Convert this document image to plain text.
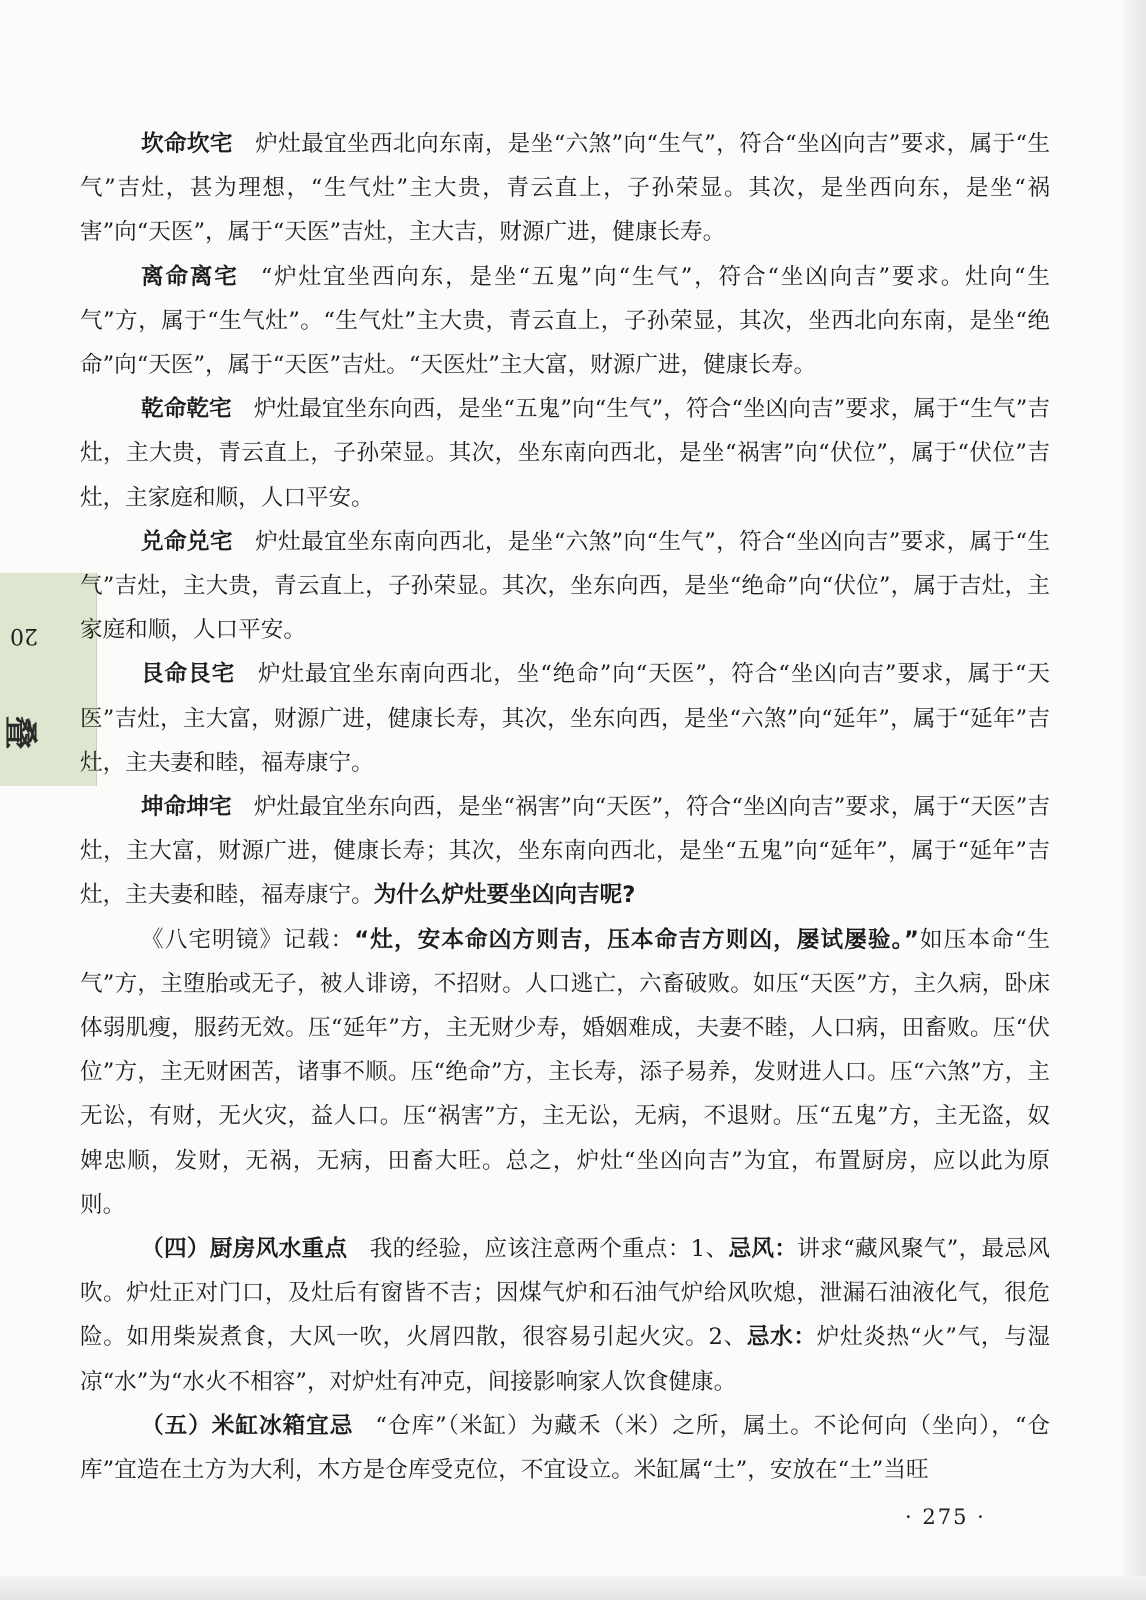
20
叠

坎命坎宅 炉灶最宜坐西北向东南，是坐“六煞”向“生气”，符合“坐凶向吉”要求，属于“生气”吉灶，甚为理想，“生气灶”主大贵，青云直上，子孙荣显。其次，是坐西向东，是坐“祸害”向“天医”，属于“天医”吉灶，主大吉，财源广进，健康长寿。

离命离宅 “炉灶宜坐西向东，是坐“五鬼”向“生气”，符合“坐凶向吉”要求。灶向“生气”方，属于“生气灶”。“生气灶”主大贵，青云直上，子孙荣显，其次，坐西北向东南，是坐“绝命”向“天医”，属于“天医”吉灶。“天医灶”主大富，财源广进，健康长寿。

乾命乾宅 炉灶最宜坐东向西，是坐“五鬼”向“生气”，符合“坐凶向吉”要求，属于“生气”吉灶，主大贵，青云直上，子孙荣显。其次，坐东南向西北，是坐“祸害”向“伏位”，属于“伏位”吉灶，主家庭和顺，人口平安。

兑命兑宅 炉灶最宜坐东南向西北，是坐“六煞”向“生气”，符合“坐凶向吉”要求，属于“生气”吉灶，主大贵，青云直上，子孙荣显。其次，坐东向西，是坐“绝命”向“伏位”，属于吉灶，主家庭和顺，人口平安。

艮命艮宅 炉灶最宜坐东南向西北，坐“绝命”向“天医”，符合“坐凶向吉”要求，属于“天医”吉灶，主大富，财源广进，健康长寿，其次，坐东向西，是坐“六煞”向“延年”，属于“延年”吉灶，主夫妻和睦，福寿康宁。

坤命坤宅 炉灶最宜坐东向西，是坐“祸害”向“天医”，符合“坐凶向吉”要求，属于“天医”吉灶，主大富，财源广进，健康长寿；其次，坐东南向西北，是坐“五鬼”向“延年”，属于“延年”吉灶，主夫妻和睦，福寿康宁。为什么炉灶要坐凶向吉呢?

《八宅明镜》记载：“灶，安本命凶方则吉，压本命吉方则凶，屡试屡验。”如压本命“生气”方，主堕胎或无子，被人诽谤，不招财。人口逃亡，六畜破败。如压“天医”方，主久病，卧床体弱肌瘦，服药无效。压“延年”方，主无财少寿，婚姻难成，夫妻不睦，人口病，田畜败。压“伏位”方，主无财困苦，诸事不顺。压“绝命”方，主长寿，添子易养，发财进人口。压“六煞”方，主无讼，有财，无火灾，益人口。压“祸害”方，主无讼，无病，不退财。压“五鬼”方，主无盗，奴婢忠顺，发财，无祸，无病，田畜大旺。总之，炉灶“坐凶向吉”为宜，布置厨房，应以此为原则。

（四）厨房风水重点 我的经验，应该注意两个重点：1、忌风：讲求“藏风聚气”，最忌风吹。炉灶正对门口，及灶后有窗皆不吉；因煤气炉和石油气炉给风吹熄，泄漏石油液化气，很危险。如用柴炭煮食，大风一吹，火屑四散，很容易引起火灾。2、忌水：炉灶炎热“火”气，与湿凉“水”为“水火不相容”，对炉灶有冲克，间接影响家人饮食健康。

（五）米缸冰箱宜忌 “仓库”（米缸）为藏禾（米）之所，属土。不论何向（坐向），“仓库”宜造在土方为大利，木方是仓库受克位，不宜设立。米缸属“土”，安放在“土”当旺

· 275 ·
